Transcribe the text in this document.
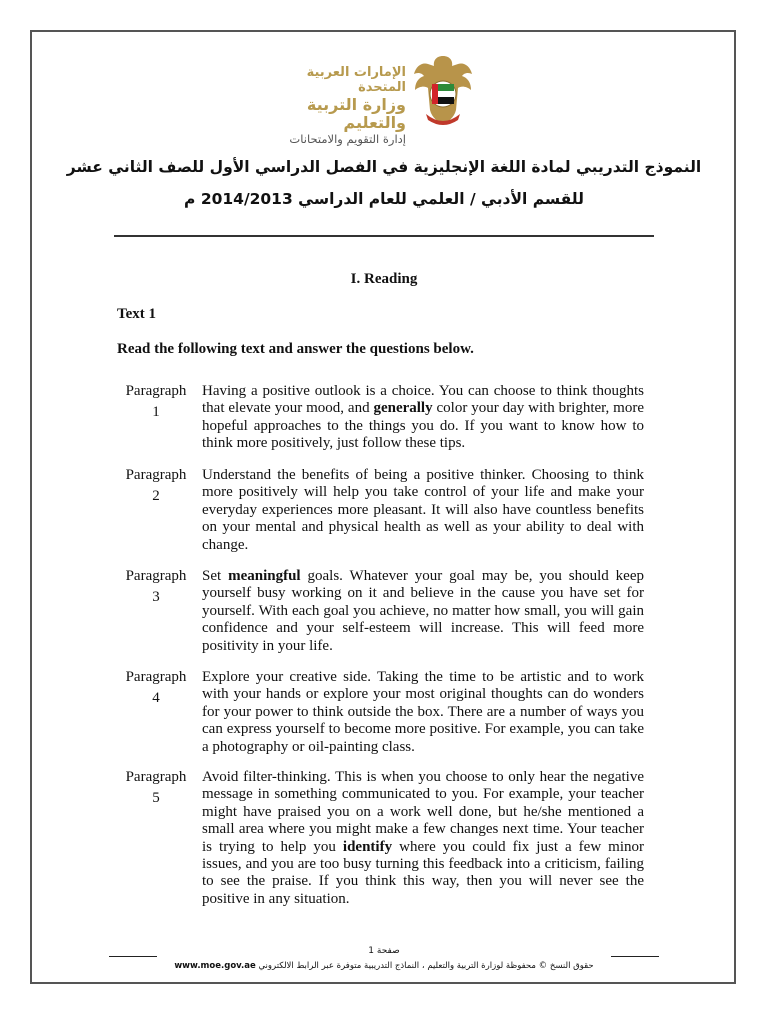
الإمارات العربية المتحدة
وزارة التربية والتعليم
إدارة التقويم والامتحانات
النموذج التدريبي لمادة اللغة الإنجليزية في الفصل الدراسي الأول للصف الثاني عشر
للقسم الأدبي / العلمي للعام الدراسي 2014/2013 م
I. Reading
Text 1
Read the following text and answer the questions below.
Paragraph
1
Having a positive outlook is a choice. You can choose to think thoughts that elevate your mood, and generally color your day with brighter, more hopeful approaches to the things you do. If you want to know how to think more positively, just follow these tips.
Paragraph
2
Understand the benefits of being a positive thinker. Choosing to think more positively will help you take control of your life and make your everyday experiences more pleasant. It will also have countless benefits on your mental and physical health as well as your ability to deal with change.
Paragraph
3
Set meaningful goals. Whatever your goal may be, you should keep yourself busy working on it and believe in the cause you have set for yourself. With each goal you achieve, no matter how small, you will gain confidence and your self-esteem will increase. This will feed more positivity in your life.
Paragraph
4
Explore your creative side. Taking the time to be artistic and to work with your hands or explore your most original thoughts can do wonders for your power to think outside the box. There are a number of ways you can express yourself to become more positive. For example, you can take a photography or oil-painting class.
Paragraph
5
Avoid filter-thinking. This is when you choose to only hear the negative message in something communicated to you. For example, your teacher might have praised you on a work well done, but he/she mentioned a small area where you might make a few changes next time. Your teacher is trying to help you identify where you could fix just a few minor issues, and you are too busy turning this feedback into a criticism, failing to see the praise. If you think this way, then you will never see the positive in any situation.
صفحة 1
www.moe.gov.ae حقوق النسخ © محفوظة لوزارة التربية والتعليم ، النماذج التدريبية متوفرة عبر الرابط الالكتروني
